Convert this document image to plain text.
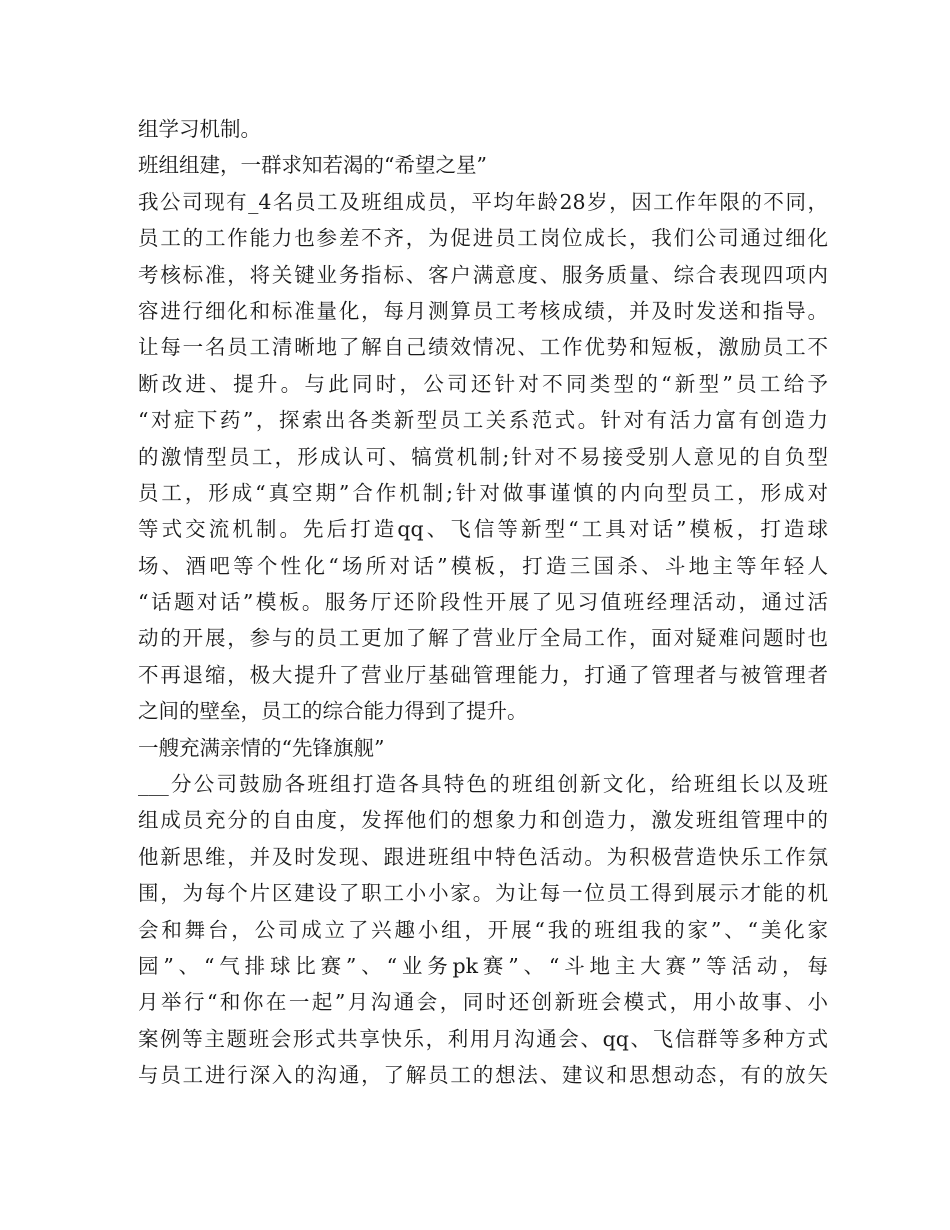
组学习机制。
班组组建，一群求知若渴的“希望之星”
我公司现有_4名员工及班组成员，平均年龄28岁，因工作年限的不同，
员工的工作能力也参差不齐，为促进员工岗位成长，我们公司通过细化
考核标准，将关键业务指标、客户满意度、服务质量、综合表现四项内
容进行细化和标准量化，每月测算员工考核成绩，并及时发送和指导。
让每一名员工清晰地了解自己绩效情况、工作优势和短板，激励员工不
断改进、提升。与此同时，公司还针对不同类型的“新型”员工给予
“对症下药”，探索出各类新型员工关系范式。针对有活力富有创造力
的激情型员工，形成认可、犒赏机制;针对不易接受别人意见的自负型
员工，形成“真空期”合作机制;针对做事谨慎的内向型员工，形成对
等式交流机制。先后打造qq、飞信等新型“工具对话”模板，打造球
场、酒吧等个性化“场所对话”模板，打造三国杀、斗地主等年轻人
“话题对话”模板。服务厅还阶段性开展了见习值班经理活动，通过活
动的开展，参与的员工更加了解了营业厅全局工作，面对疑难问题时也
不再退缩，极大提升了营业厅基础管理能力，打通了管理者与被管理者
之间的壁垒，员工的综合能力得到了提升。
一艘充满亲情的“先锋旗舰”
___分公司鼓励各班组打造各具特色的班组创新文化，给班组长以及班
组成员充分的自由度，发挥他们的想象力和创造力，激发班组管理中的
他新思维，并及时发现、跟进班组中特色活动。为积极营造快乐工作氛
围，为每个片区建设了职工小小家。为让每一位员工得到展示才能的机
会和舞台，公司成立了兴趣小组，开展“我的班组我的家”、“美化家
园”、“气排球比赛”、“业务pk赛”、“斗地主大赛”等活动，每
月举行“和你在一起”月沟通会，同时还创新班会模式，用小故事、小
案例等主题班会形式共享快乐，利用月沟通会、qq、飞信群等多种方式
与员工进行深入的沟通，了解员工的想法、建议和思想动态，有的放矢
